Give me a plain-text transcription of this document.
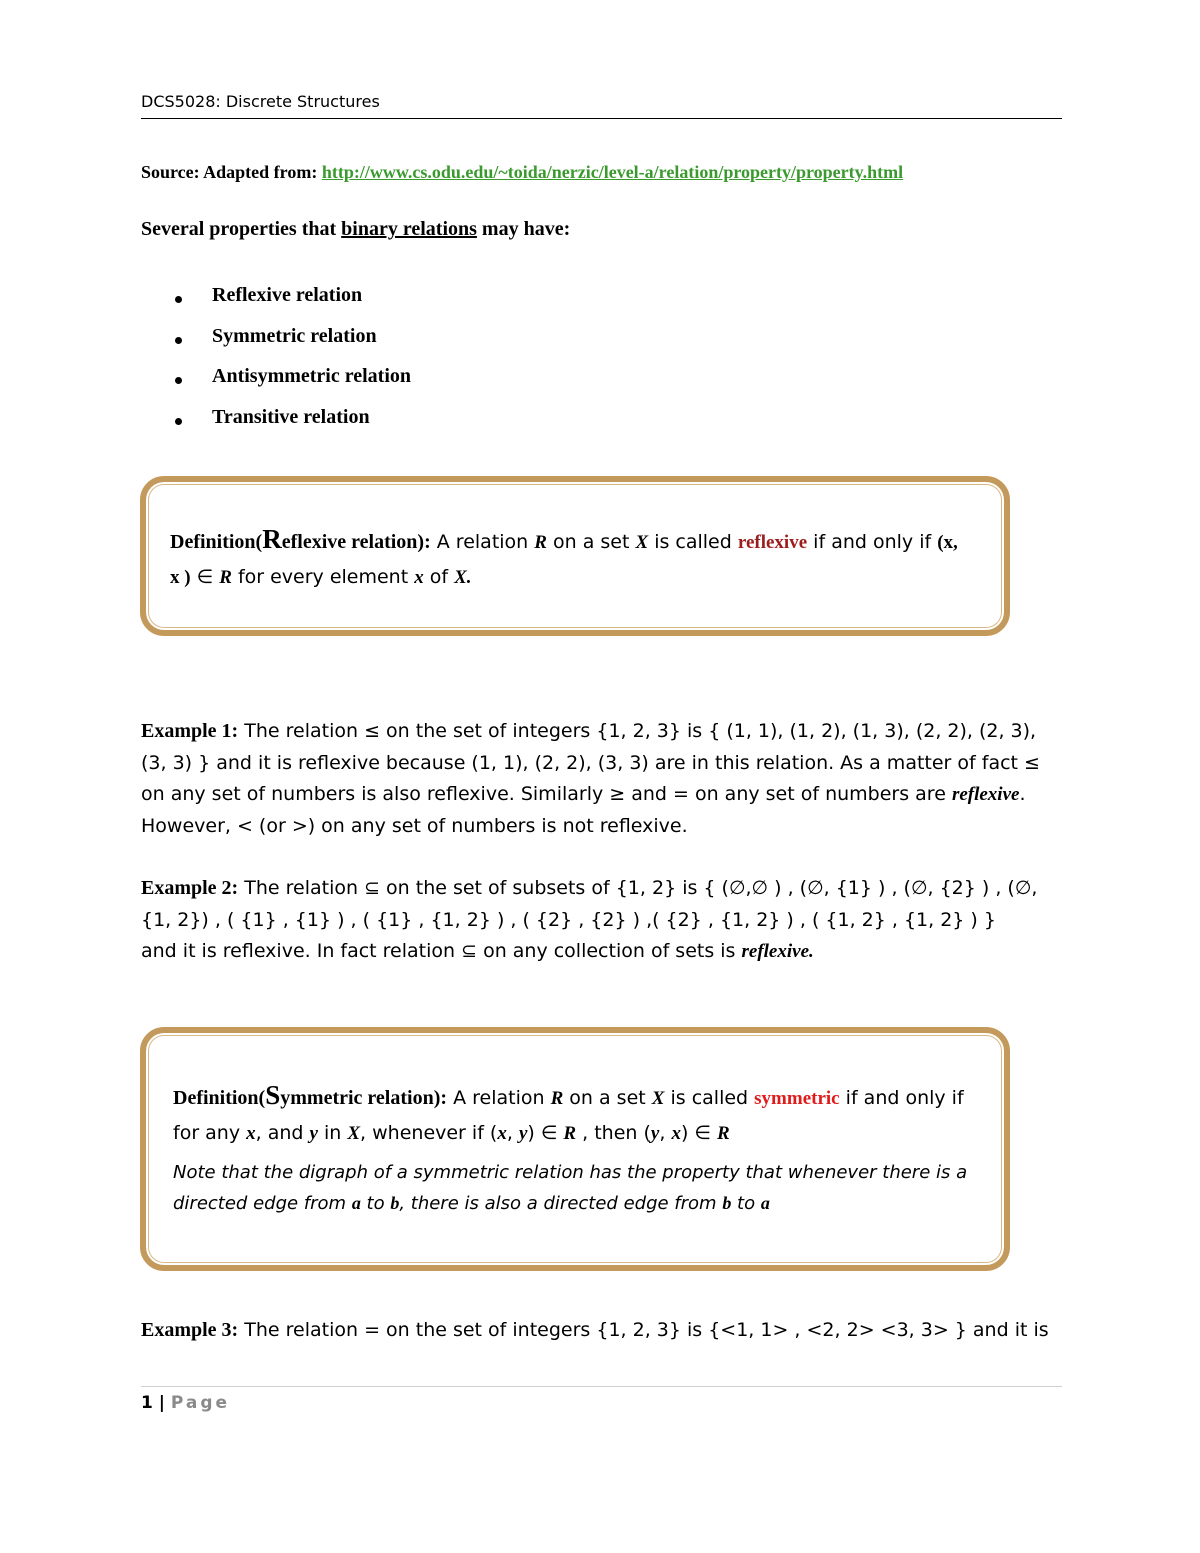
DCS5028: Discrete Structures
Source: Adapted from: http://www.cs.odu.edu/~toida/nerzic/level-a/relation/property/property.html
Several properties that binary relations may have:
Reflexive relation
Symmetric relation
Antisymmetric relation
Transitive relation
Definition(Reflexive relation): A relation R on a set X is called reflexive if and only if (x, x ) ∈ R for every element x of X.
Example 1: The relation ≤ on the set of integers {1, 2, 3} is { (1, 1), (1, 2), (1, 3), (2, 2), (2, 3), (3, 3) } and it is reflexive because (1, 1), (2, 2), (3, 3) are in this relation. As a matter of fact ≤ on any set of numbers is also reflexive. Similarly ≥ and = on any set of numbers are reflexive. However, < (or >) on any set of numbers is not reflexive.
Example 2: The relation ⊆ on the set of subsets of {1, 2} is { (∅,∅ ) , (∅, {1} ) , (∅, {2} ) , (∅, {1, 2}) , ( {1} , {1} ) , ( {1} , {1, 2} ) , ( {2} , {2} ) ,( {2} , {1, 2} ) , ( {1, 2} , {1, 2} ) }
and it is reflexive. In fact relation ⊆ on any collection of sets is reflexive.
Definition(Symmetric relation): A relation R on a set X is called symmetric if and only if for any x, and y in X, whenever if (x, y) ∈ R , then (y, x) ∈ R
Note that the digraph of a symmetric relation has the property that whenever there is a directed edge from a to b, there is also a directed edge from b to a
Example 3: The relation = on the set of integers {1, 2, 3} is {<1, 1> , <2, 2> <3, 3> } and it is
1 | Page
